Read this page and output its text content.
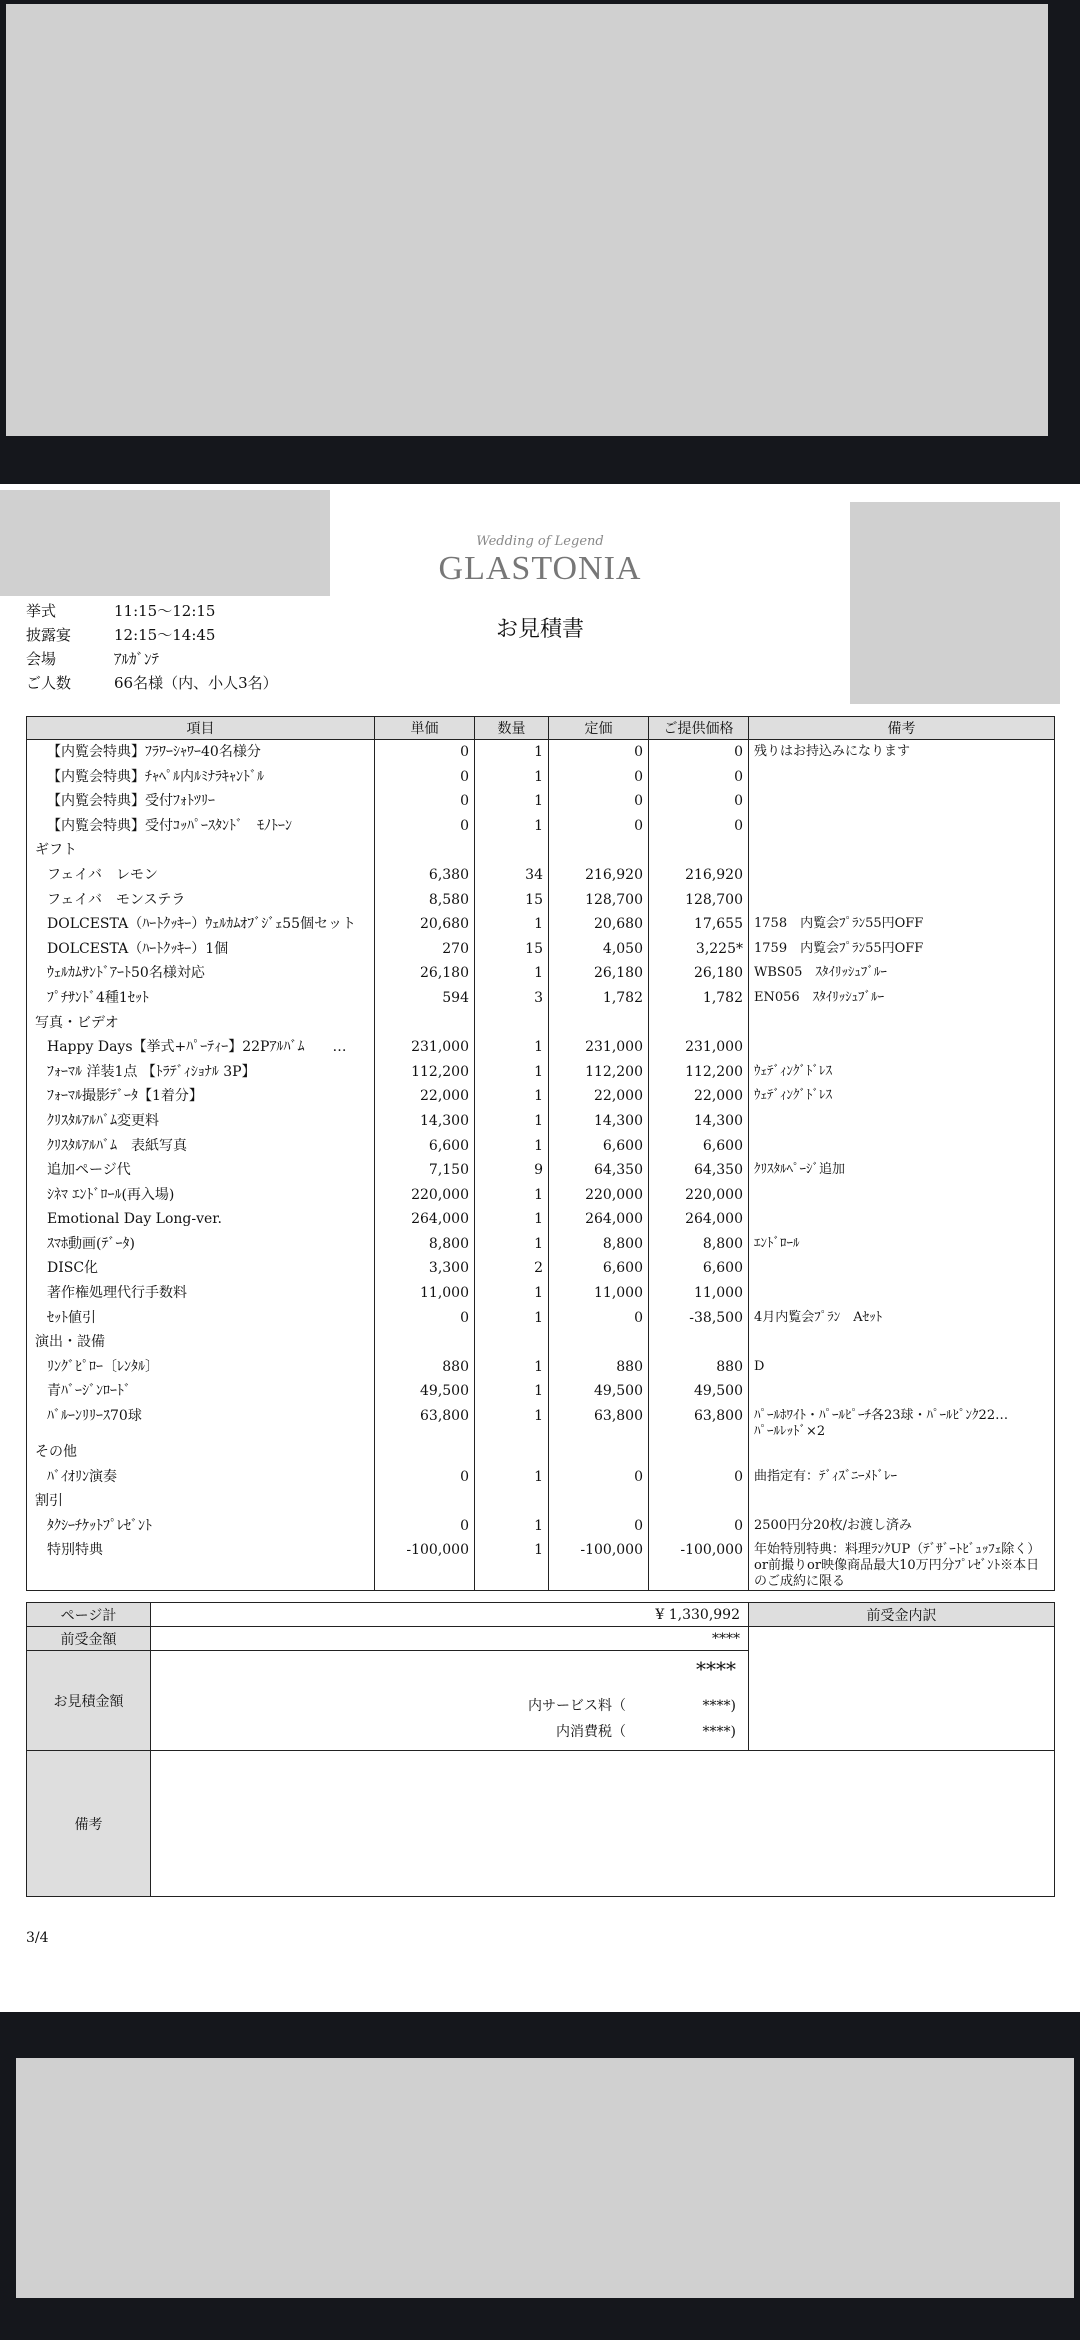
Wedding of Legend
GLASTONIA
お見積書
挙式	11:15～12:15
披露宴	12:15～14:45
会場	ｱﾙｶﾞﾝﾃ
ご人数	66名様（内、小人3名）
項目	単価	数量	定価	ご提供価格	備考
【内覧会特典】ﾌﾗﾜｰｼｬﾜｰ40名様分	0	1	0	0	残りはお持込みになります
【内覧会特典】ﾁｬﾍﾟﾙ内ﾙﾐﾅﾗｷｬﾝﾄﾞﾙ	0	1	0	0	
【内覧会特典】受付ﾌｫﾄﾂﾘｰ	0	1	0	0	
【内覧会特典】受付ｺｯﾊﾟｰｽﾀﾝﾄﾞ　ﾓﾉﾄｰﾝ	0	1	0	0	
ギフト					
フェイバ　レモン	6,380	34	216,920	216,920	
フェイバ　モンステラ	8,580	15	128,700	128,700	
DOLCESTA（ﾊｰﾄｸｯｷｰ）ｳｪﾙｶﾑｵﾌﾞｼﾞｪ55個セット	20,680	1	20,680	17,655	1758　内覧会ﾌﾟﾗﾝ55円OFF
DOLCESTA（ﾊｰﾄｸｯｷｰ）1個	270	15	4,050	3,225*	1759　内覧会ﾌﾟﾗﾝ55円OFF
ｳｪﾙｶﾑｻﾝﾄﾞｱｰﾄ50名様対応	26,180	1	26,180	26,180	WBS05　ｽﾀｲﾘｯｼｭﾌﾞﾙｰ
ﾌﾟﾁｻﾝﾄﾞ4種1ｾｯﾄ	594	3	1,782	1,782	EN056　ｽﾀｲﾘｯｼｭﾌﾞﾙｰ
写真・ビデオ					
Happy Days【挙式+ﾊﾟｰﾃｨｰ】22Pｱﾙﾊﾞﾑ　　…	231,000	1	231,000	231,000	
ﾌｫｰﾏﾙ 洋装1点 【ﾄﾗﾃﾞｨｼｮﾅﾙ 3P】	112,200	1	112,200	112,200	ｳｪﾃﾞｨﾝｸﾞﾄﾞﾚｽ
ﾌｫｰﾏﾙ撮影ﾃﾞｰﾀ【1着分】	22,000	1	22,000	22,000	ｳｪﾃﾞｨﾝｸﾞﾄﾞﾚｽ
ｸﾘｽﾀﾙｱﾙﾊﾞﾑ変更料	14,300	1	14,300	14,300	
ｸﾘｽﾀﾙｱﾙﾊﾞﾑ　表紙写真	6,600	1	6,600	6,600	
追加ページ代	7,150	9	64,350	64,350	ｸﾘｽﾀﾙﾍﾟｰｼﾞ追加
ｼﾈﾏ ｴﾝﾄﾞﾛｰﾙ(再入場)	220,000	1	220,000	220,000	
Emotional Day Long-ver.	264,000	1	264,000	264,000	
ｽﾏﾎ動画(ﾃﾞｰﾀ)	8,800	1	8,800	8,800	ｴﾝﾄﾞﾛｰﾙ
DISC化	3,300	2	6,600	6,600	
著作権処理代行手数料	11,000	1	11,000	11,000	
ｾｯﾄ値引	0	1	0	-38,500	4月内覧会ﾌﾟﾗﾝ　Aｾｯﾄ
演出・設備					
ﾘﾝｸﾞﾋﾟﾛｰ〔ﾚﾝﾀﾙ〕	880	1	880	880	D
青ﾊﾞｰｼﾞﾝﾛｰﾄﾞ	49,500	1	49,500	49,500	
ﾊﾞﾙｰﾝﾘﾘｰｽ70球	63,800	1	63,800	63,800	ﾊﾟｰﾙﾎﾜｲﾄ・ﾊﾟｰﾙﾋﾟｰﾁ各23球・ﾊﾟｰﾙﾋﾟﾝｸ22…
ﾊﾟｰﾙﾚｯﾄﾞ×2
その他					
ﾊﾞｲｵﾘﾝ演奏	0	1	0	0	曲指定有：ﾃﾞｨｽﾞﾆｰﾒﾄﾞﾚｰ
割引					
ﾀｸｼｰﾁｹｯﾄﾌﾟﾚｾﾞﾝﾄ	0	1	0	0	2500円分20枚/お渡し済み
特別特典	-100,000	1	-100,000	-100,000	年始特別特典：料理ﾗﾝｸUP（ﾃﾞｻﾞｰﾄﾋﾞｭｯﾌｪ除く）or前撮りor映像商品最大10万円分ﾌﾟﾚｾﾞﾝﾄ※本日のご成約に限る
ページ計	¥ 1,330,992	前受金内訳
前受金額	****	
お見積金額	****
内サービス料（ ****)
内消費税（ ****)	

備考		
3/4
